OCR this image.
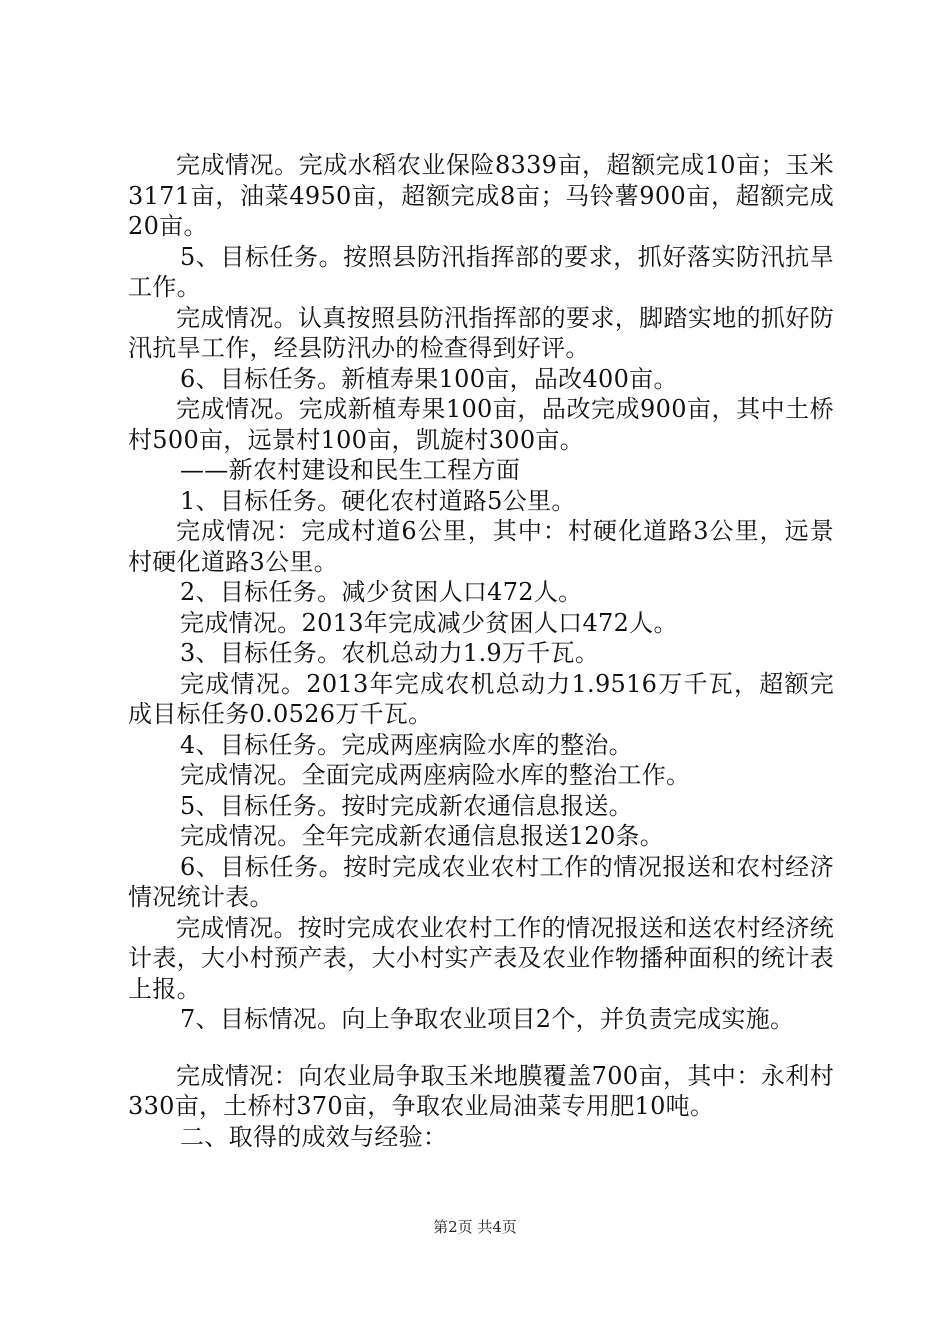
完成情况。完成水稻农业保险8339亩，超额完成10亩；玉米3171亩，油菜4950亩，超额完成8亩；马铃薯900亩，超额完成20亩。

5、目标任务。按照县防汛指挥部的要求，抓好落实防汛抗旱工作。

完成情况。认真按照县防汛指挥部的要求，脚踏实地的抓好防汛抗旱工作，经县防汛办的检查得到好评。

6、目标任务。新植寿果100亩，品改400亩。

完成情况。完成新植寿果100亩，品改完成900亩，其中土桥村500亩，远景村100亩，凯旋村300亩。

——新农村建设和民生工程方面

1、目标任务。硬化农村道路5公里。

完成情况：完成村道6公里，其中：村硬化道路3公里，远景村硬化道路3公里。

2、目标任务。减少贫困人口472人。

完成情况。2013年完成减少贫困人口472人。

3、目标任务。农机总动力1.9万千瓦。

完成情况。2013年完成农机总动力1.9516万千瓦，超额完成目标任务0.0526万千瓦。

4、目标任务。完成两座病险水库的整治。

完成情况。全面完成两座病险水库的整治工作。

5、目标任务。按时完成新农通信息报送。

完成情况。全年完成新农通信息报送120条。

6、目标任务。按时完成农业农村工作的情况报送和农村经济情况统计表。

完成情况。按时完成农业农村工作的情况报送和送农村经济统计表，大小村预产表，大小村实产表及农业作物播种面积的统计表上报。

7、目标情况。向上争取农业项目2个，并负责完成实施。

完成情况：向农业局争取玉米地膜覆盖700亩，其中：永利村330亩，土桥村370亩，争取农业局油菜专用肥10吨。

二、取得的成效与经验：

第2页 共4页
